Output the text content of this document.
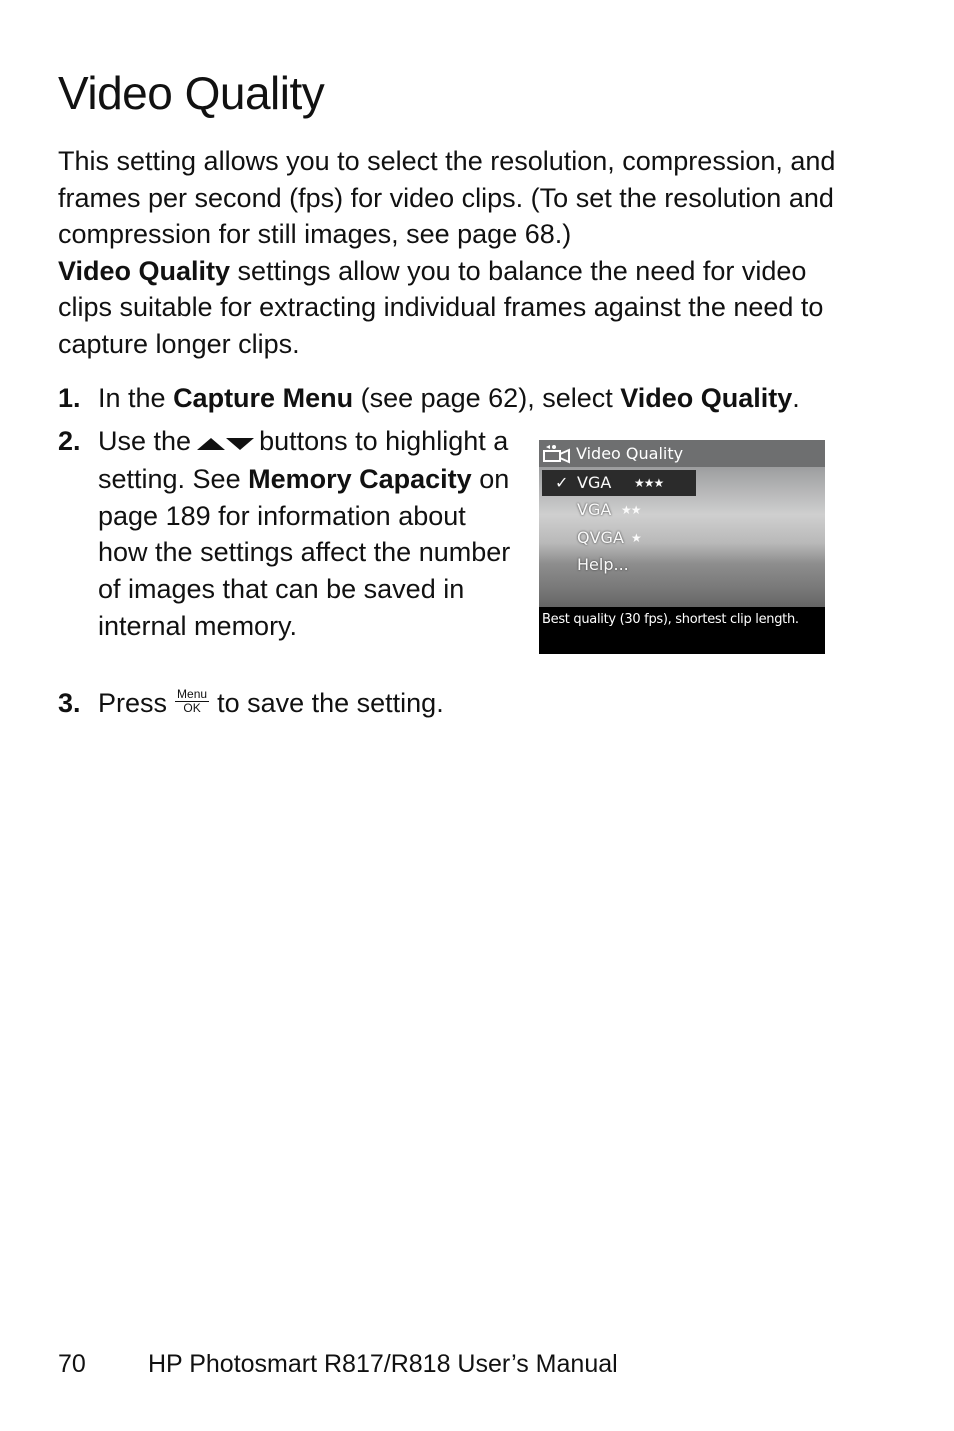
Video Quality

This setting allows you to select the resolution, compression, and frames per second (fps) for video clips. (To set the resolution and compression for still images, see page 68.)
Video Quality settings allow you to balance the need for video clips suitable for extracting individual frames against the need to capture longer clips.

1. In the Capture Menu (see page 62), select Video Quality.
2. Use the	buttons to highlight a setting. See Memory Capacity on page 189 for information about how the settings affect the number of images that can be saved in internal memory.
3. Press Menu
OK to save the setting.
Video Quality
✓ VGA ★★★
VGA ★★
QVGA ★
Help...
Best quality (30 fps), shortest clip length.
70 HP Photosmart R817/R818 User’s Manual
